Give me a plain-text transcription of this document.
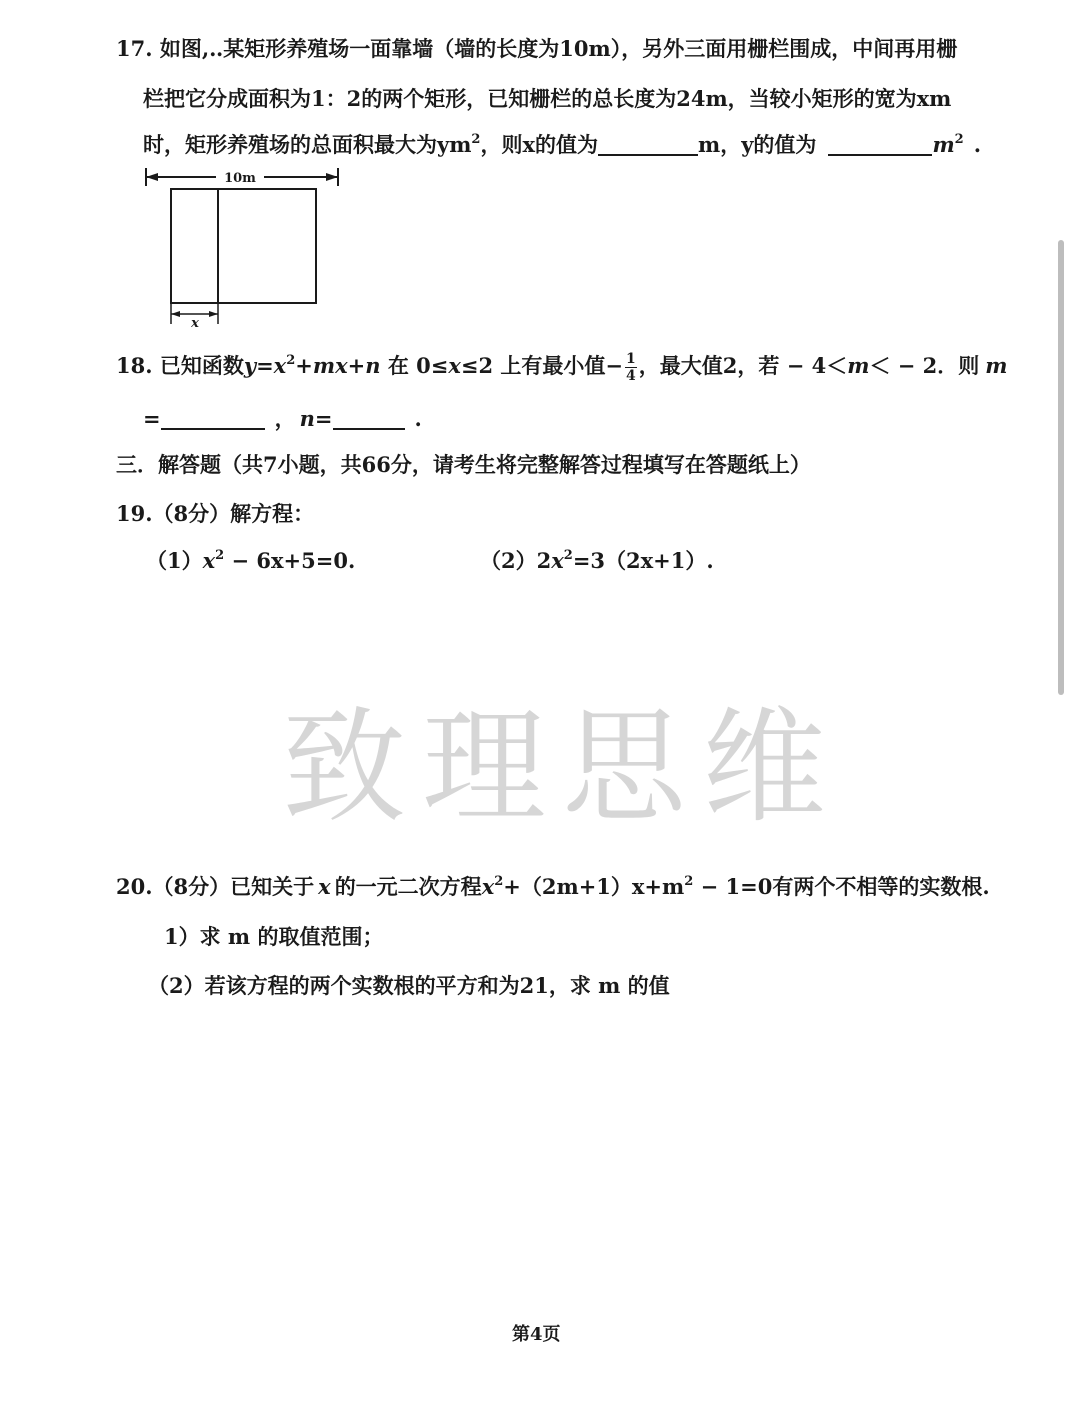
17. 如图,‥某矩形养殖场一面靠墙（墙的长度为10m），另外三面用栅栏围成，中间再用栅
栏把它分成面积为1：2的两个矩形，已知栅栏的总长度为24m，当较小矩形的宽为xm
时，矩形养殖场的总面积最大为$ym^2$，则x的值为	m，y的值为	$m^2$ .
10m
x
18. 已知函数$y=x^2+mx+n$ 在 0≤x≤2 上有最小值− $\frac{1}{4}$ ，最大值2，若 − 4＜m＜ − 2．则 m
=	， n=	.
三．解答题（共7小题，共66分，请考生将完整解答过程填写在答题纸上）
19.（8分）解方程：
$(1)x^2 - 6x+5=0$.	$(2)2x^2=3(2x+1)$.
致理思维
20.（8分）已知关于 x 的一元二次方程$x^2+(2m+1)x+m^2 - 1=0$有两个不相等的实数根.
1）求 m 的取值范围；
（2）若该方程的两个实数根的平方和为21，求 m 的值
第4页
